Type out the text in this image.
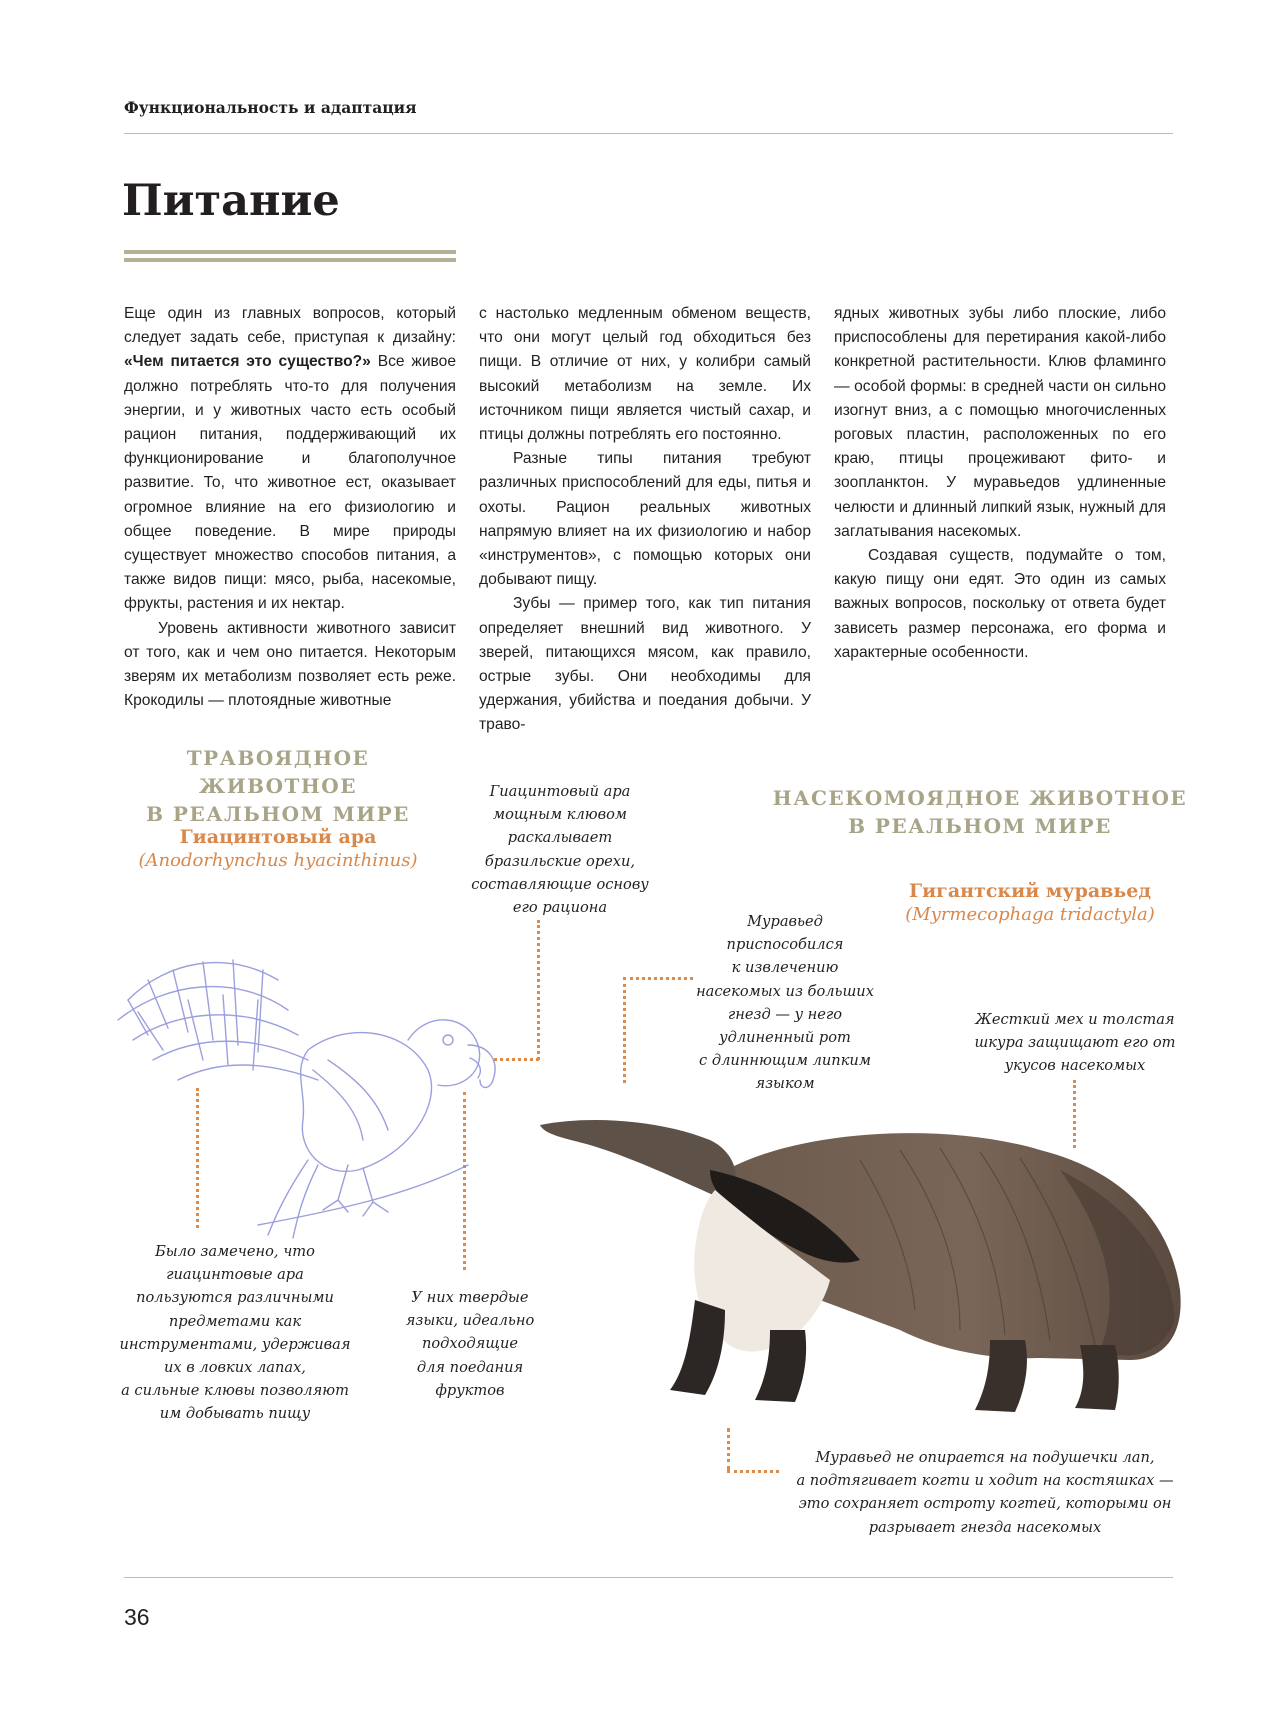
Функциональность и адаптация
Питание

Еще один из главных вопросов, который следует задать себе, приступая к дизайну: «Чем питается это существо?» Все живое должно потреблять что-то для получения энергии, и у животных часто есть особый рацион питания, поддерживающий их функционирование и благополучное развитие. То, что животное ест, оказывает огромное влияние на его физиологию и общее поведение. В мире природы существует множество способов питания, а также видов пищи: мясо, рыба, насекомые, фрукты, растения и их нектар.

Уровень активности животного зависит от того, как и чем оно питается. Некоторым зверям их метаболизм позволяет есть реже. Крокодилы — плотоядные животные

с настолько медленным обменом веществ, что они могут целый год обходиться без пищи. В отличие от них, у колибри самый высокий метаболизм на земле. Их источником пищи является чистый сахар, и птицы должны потреблять его постоянно.

Разные типы питания требуют различных приспособлений для еды, питья и охоты. Рацион реальных животных напрямую влияет на их физиологию и набор «инструментов», с помощью которых они добывают пищу.

Зубы — пример того, как тип питания определяет внешний вид животного. У зверей, питающихся мясом, как правило, острые зубы. Они необходимы для удержания, убийства и поедания добычи. У траво-

ядных животных зубы либо плоские, либо приспособлены для перетирания какой-либо конкретной растительности. Клюв фламинго — особой формы: в средней части он сильно изогнут вниз, а с помощью многочисленных роговых пластин, расположенных по его краю, птицы процеживают фито- и зоопланктон. У муравьедов удлиненные челюсти и длинный липкий язык, нужный для заглатывания насекомых.

Создавая существ, подумайте о том, какую пищу они едят. Это один из самых важных вопросов, поскольку от ответа будет зависеть размер персонажа, его форма и характерные особенности.

ТРАВОЯДНОЕ ЖИВОТНОЕ

В РЕАЛЬНОМ МИРЕ

Гиацинтовый ара

(Anodorhynchus hyacinthinus)

НАСЕКОМОЯДНОЕ ЖИВОТНОЕ

В РЕАЛЬНОМ МИРЕ

Гигантский муравьед

(Myrmecophaga tridactyla)

Гиацинтовый ара

мощным клювом

раскалывает

бразильские орехи,

составляющие основу

его рациона

Было замечено, что

гиацинтовые ара

пользуются различными

предметами как

инструментами, удерживая

их в ловких лапах,

а сильные клювы позволяют

им добывать пищу

У них твердые

языки, идеально

подходящие

для поедания

фруктов

Муравьед

приспособился

к извлечению

насекомых из больших

гнезд — у него

удлиненный рот

с длиннющим липким

языком

Жесткий мех и толстая

шкура защищают его от

укусов насекомых

Муравьед не опирается на подушечки лап,

а подтягивает когти и ходит на костяшках —

это сохраняет остроту когтей, которыми он

разрывает гнезда насекомых

36
